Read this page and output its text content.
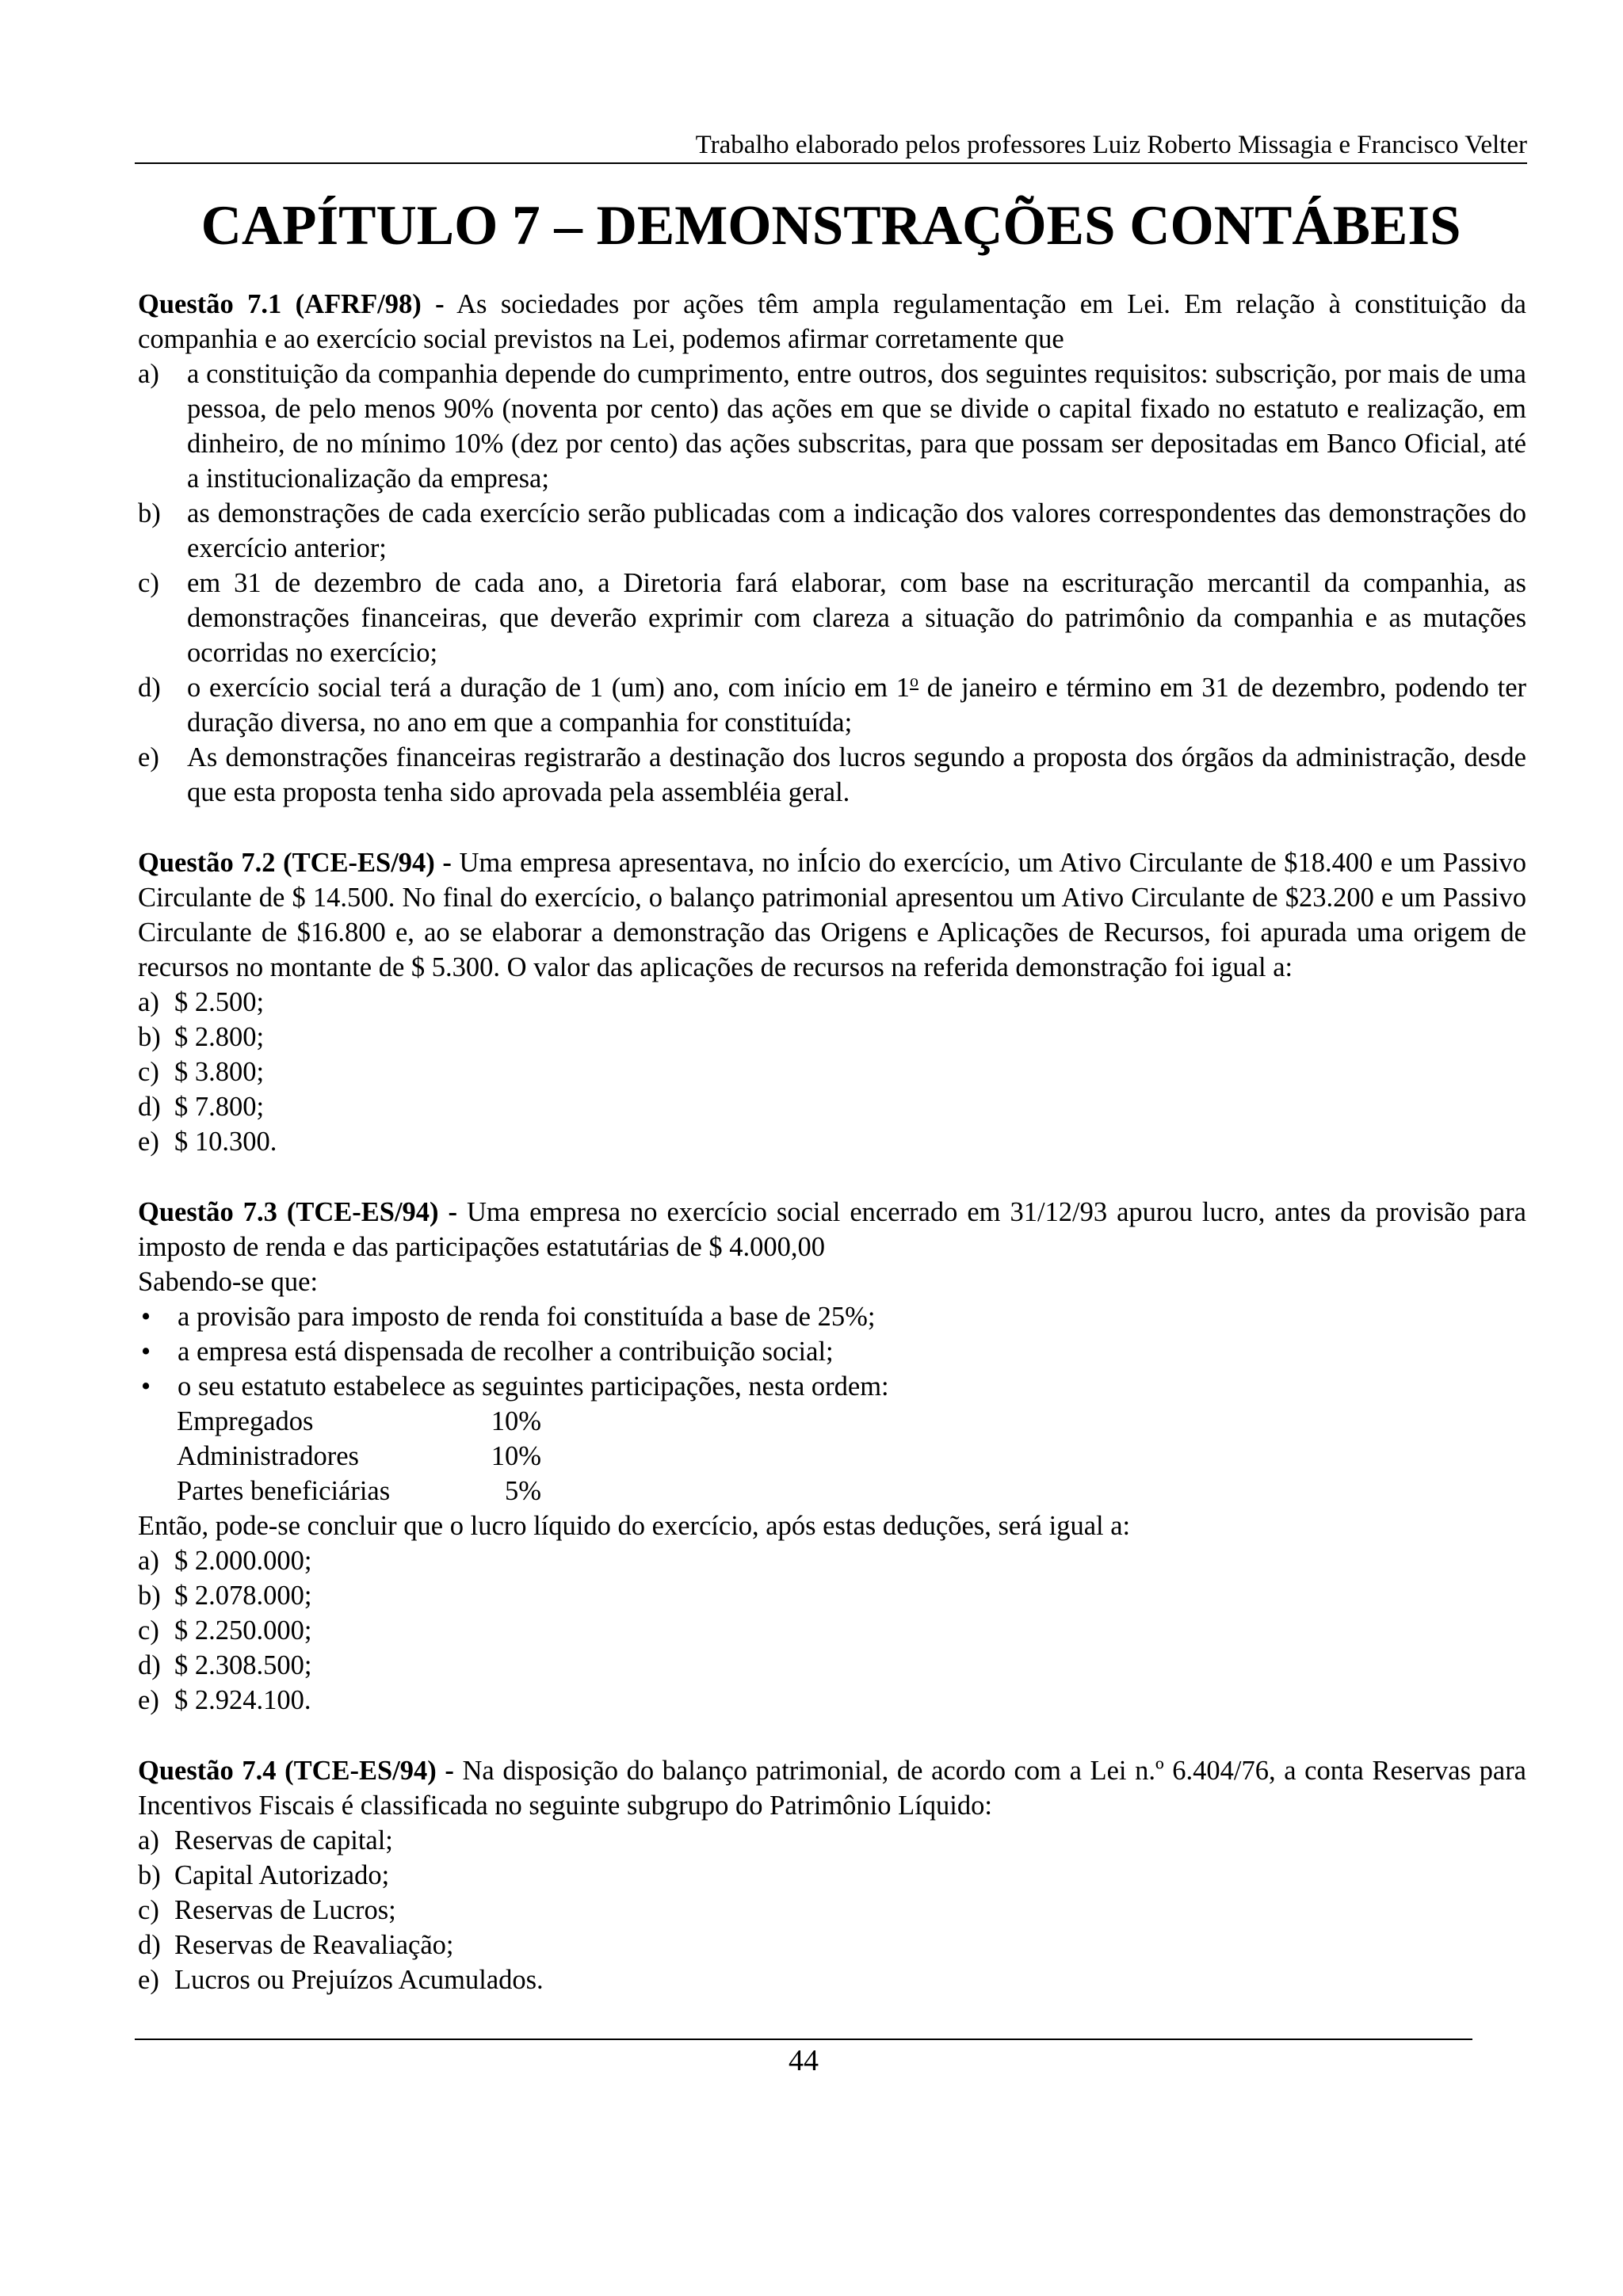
Trabalho elaborado pelos professores Luiz Roberto Missagia e Francisco Velter
CAPÍTULO 7 – DEMONSTRAÇÕES CONTÁBEIS

Questão 7.1 (AFRF/98) - As sociedades por ações têm ampla regulamentação em Lei. Em relação à constituição da companhia e ao exercício social previstos na Lei, podemos afirmar corretamente que

a)	a constituição da companhia depende do cumprimento, entre outros, dos seguintes requisitos: subscrição, por mais de uma pessoa, de pelo menos 90% (noventa por cento) das ações em que se divide o capital fixado no estatuto e realização, em dinheiro, de no mínimo 10% (dez por cento) das ações subscritas, para que possam ser depositadas em Banco Oficial, até a institucionalização da empresa;
b) as demonstrações de cada exercício serão publicadas com a indicação dos valores correspondentes das demonstrações do exercício anterior;
c)	em 31 de dezembro de cada ano, a Diretoria fará elaborar, com base na escrituração mercantil da companhia, as demonstrações financeiras, que deverão exprimir com clareza a situação do patrimônio da companhia e as mutações ocorridas no exercício;
d) o exercício social terá a duração de 1 (um) ano, com início em 1$^o$ de janeiro e término em 31 de dezembro, podendo ter duração diversa, no ano em que a companhia for constituída;
e)	As demonstrações financeiras registrarão a destinação dos lucros segundo a proposta dos órgãos da administração, desde que esta proposta tenha sido aprovada pela assembléia geral.

Questão 7.2 (TCE-ES/94) - Uma empresa apresentava, no inÍcio do exercício, um Ativo Circulante de $18.400 e um Passivo Circulante de $ 14.500. No final do exercício, o balanço patrimonial apresentou um Ativo Circulante de $23.200 e um Passivo Circulante de $16.800 e, ao se elaborar a demonstração das Origens e Aplicações de Recursos, foi apurada uma origem de recursos no montante de $ 5.300. O valor das aplicações de recursos na referida demonstração foi igual a:

a) $ 2.500;
b) $ 2.800;
c) $ 3.800;
d) $ 7.800;
e) $ 10.300.

Questão 7.3 (TCE-ES/94) - Uma empresa no exercício social encerrado em 31/12/93 apurou lucro, antes da provisão para imposto de renda e das participações estatutárias de $ 4.000,00

Sabendo-se que:

• a provisão para imposto de renda foi constituída a base de 25%;
• a empresa está dispensada de recolher a contribuição social;
• o seu estatuto estabelece as seguintes participações, nesta ordem:
Empregados	10%
Administradores	10%
Partes beneficiárias	5%

Então, pode-se concluir que o lucro líquido do exercício, após estas deduções, será igual a:

a) $ 2.000.000;
b) $ 2.078.000;
c) $ 2.250.000;
d) $ 2.308.500;
e) $ 2.924.100.

Questão 7.4 (TCE-ES/94) - Na disposição do balanço patrimonial, de acordo com a Lei n.º 6.404/76, a conta Reservas para Incentivos Fiscais é classificada no seguinte subgrupo do Patrimônio Líquido:

a) Reservas de capital;
b) Capital Autorizado;
c) Reservas de Lucros;
d) Reservas de Reavaliação;
e) Lucros ou Prejuízos Acumulados.
44
